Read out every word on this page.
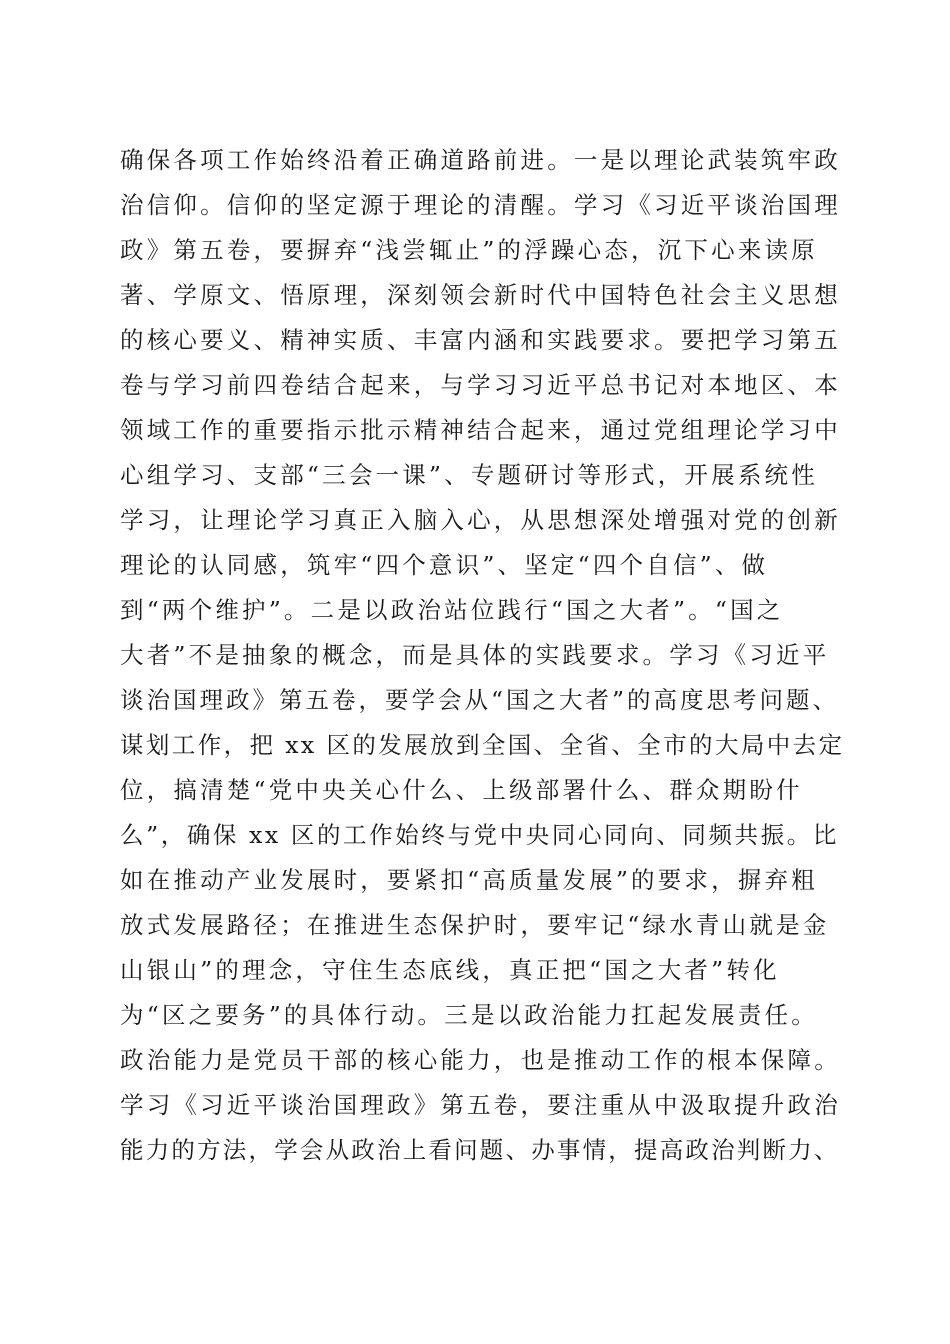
确保各项工作始终沿着正确道路前进。一是以理论武装筑牢政
治信仰。信仰的坚定源于理论的清醒。学习《习近平谈治国理
政》第五卷，要摒弃“浅尝辄止”的浮躁心态，沉下心来读原
著、学原文、悟原理，深刻领会新时代中国特色社会主义思想
的核心要义、精神实质、丰富内涵和实践要求。要把学习第五
卷与学习前四卷结合起来，与学习习近平总书记对本地区、本
领域工作的重要指示批示精神结合起来，通过党组理论学习中
心组学习、支部“三会一课”、专题研讨等形式，开展系统性
学习，让理论学习真正入脑入心，从思想深处增强对党的创新
理论的认同感，筑牢“四个意识”、坚定“四个自信”、做
到“两个维护”。二是以政治站位践行“国之大者”。“国之
大者”不是抽象的概念，而是具体的实践要求。学习《习近平
谈治国理政》第五卷，要学会从“国之大者”的高度思考问题、
谋划工作，把 xx 区的发展放到全国、全省、全市的大局中去定
位，搞清楚“党中央关心什么、上级部署什么、群众期盼什
么”，确保 xx 区的工作始终与党中央同心同向、同频共振。比
如在推动产业发展时，要紧扣“高质量发展”的要求，摒弃粗
放式发展路径；在推进生态保护时，要牢记“绿水青山就是金
山银山”的理念，守住生态底线，真正把“国之大者”转化
为“区之要务”的具体行动。三是以政治能力扛起发展责任。
政治能力是党员干部的核心能力，也是推动工作的根本保障。
学习《习近平谈治国理政》第五卷，要注重从中汲取提升政治
能力的方法，学会从政治上看问题、办事情，提高政治判断力、
